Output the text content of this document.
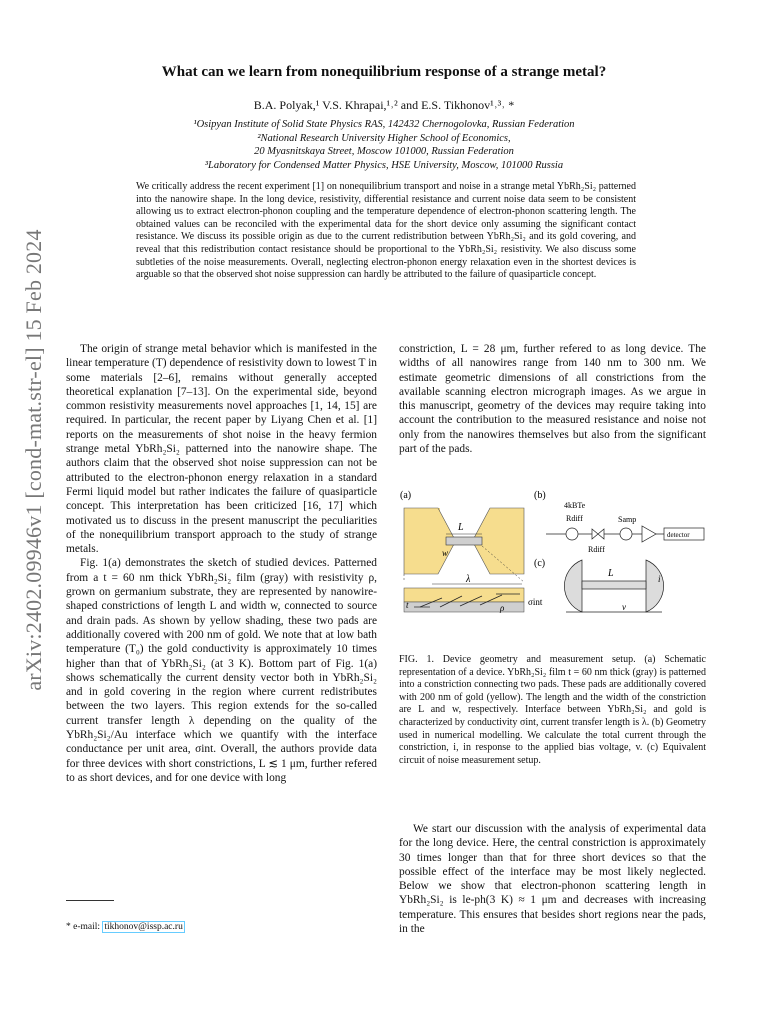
arXiv:2402.09946v1 [cond-mat.str-el] 15 Feb 2024
What can we learn from nonequilibrium response of a strange metal?
B.A. Polyak,¹ V.S. Khrapai,¹˒² and E.S. Tikhonov¹˒³˒ *
¹Osipyan Institute of Solid State Physics RAS, 142432 Chernogolovka, Russian Federation
²National Research University Higher School of Economics,
20 Myasnitskaya Street, Moscow 101000, Russian Federation
³Laboratory for Condensed Matter Physics, HSE University, Moscow, 101000 Russia
We critically address the recent experiment [1] on nonequilibrium transport and noise in a strange metal YbRh₂Si₂ patterned into the nanowire shape. In the long device, resistivity, differential resistance and current noise data seem to be consistent allowing us to extract electron-phonon coupling and the temperature dependence of electron-phonon scattering length. The obtained values can be reconciled with the experimental data for the short device only assuming the significant contact resistance. We discuss its possible origin as due to the current redistribution between YbRh₂Si₂ and its gold covering, and reveal that this redistribution contact resistance should be proportional to the YbRh₂Si₂ resistivity. We also discuss some subtleties of the noise measurements. Overall, neglecting electron-phonon energy relaxation even in the shortest devices is arguable so that the observed shot noise suppression can hardly be attributed to the failure of quasiparticle concept.

The origin of strange metal behavior which is manifested in the linear temperature (T) dependence of resistivity down to lowest T in some materials [2–6], remains without generally accepted theoretical explanation [7–13]. On the experimental side, beyond common resistivity measurements novel approaches [1, 14, 15] are required. In particular, the recent paper by Liyang Chen et al. [1] reports on the measurements of shot noise in the heavy fermion strange metal YbRh₂Si₂ patterned into the nanowire shape. The authors claim that the observed shot noise suppression can not be attributed to the electron-phonon energy relaxation in a standard Fermi liquid model but rather indicates the failure of quasiparticle concept. This interpretation has been criticized [16, 17] which motivated us to discuss in the present manuscript the peculiarities of the nonequilibrium transport approach to the study of strange metals.

Fig. 1(a) demonstrates the sketch of studied devices. Patterned from a t = 60 nm thick YbRh₂Si₂ film (gray) with resistivity ρ, grown on germanium substrate, they are represented by nanowire-shaped constrictions of length L and width w, connected to source and drain pads. As shown by yellow shading, these two pads are additionally covered with 200 nm of gold. We note that at low bath temperature (T₀) the gold conductivity is approximately 10 times higher than that of YbRh₂Si₂ (at 3 K). Bottom part of Fig. 1(a) shows schematically the current density vector both in YbRh₂Si₂ and in gold covering in the region where current redistributes between the two layers. This region extends for the so-called current transfer length λ depending on the quality of the YbRh₂Si₂/Au interface which we quantify with the interface conductance per unit area, σint. Overall, the authors provide data for three devices with short constrictions, L ≲ 1 μm, further refered to as short devices, and for one device with long

constriction, L = 28 μm, further refered to as long device. The widths of all nanowires range from 140 nm to 300 nm. We estimate geometric dimensions of all constrictions from the available scanning electron micrograph images. As we argue in this manuscript, geometry of the devices may require taking into account the contribution to the measured resistance and noise not only from the nanowires themselves but also from the significant part of the pads.

(a)
L
w
λ
t	ρ
σint
(b)
4kBTe
Rdiff
Rdiff
Samp
detector
(c)
L	i
v
FIG. 1. Device geometry and measurement setup. (a) Schematic representation of a device. YbRh₂Si₂ film t = 60 nm thick (gray) is patterned into a constriction connecting two pads. These pads are additionally covered with 200 nm of gold (yellow). The length and the width of the constriction are L and w, respectively. Interface between YbRh₂Si₂ and gold is characterized by conductivity σint, current transfer length is λ. (b) Geometry used in numerical modelling. We calculate the total current through the constriction, i, in response to the applied bias voltage, v. (c) Equivalent circuit of noise measurement setup.

We start our discussion with the analysis of experimental data for the long device. Here, the central constriction is approximately 30 times longer than that for three short devices so that the possible effect of the interface may be most likely neglected. Below we show that electron-phonon scattering length in YbRh₂Si₂ is le-ph(3 K) ≈ 1 μm and decreases with increasing temperature. This ensures that besides short regions near the pads, in the

* e-mail: tikhonov@issp.ac.ru
